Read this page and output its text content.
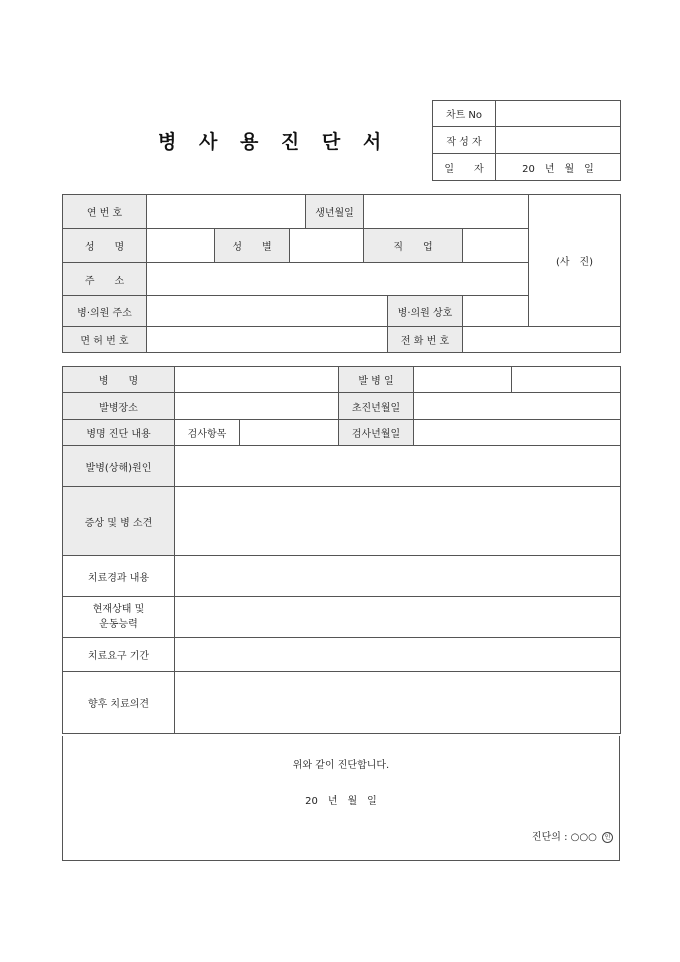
병 사 용 진 단 서
차트 No	
작 성 자	
일　　자	20　년　월　일
연 번 호				생년월일				(사　진)
성　　명		성　　별			직　　업			
주　　소								
병·의원 주소						병·의원 상호		
면 허 번 호						전 화 번 호		
병　　명			발 병 일		
발병장소			초진년월일		
병명 진단 내용	검사항목		검사년월일		
발병(상해)원인					
증상 및 병 소견					
치료경과 내용					

현재상태 및
운동능력					

치료요구 기간					
향후 치료의견					
위와 같이 진단합니다.
20　년　월　일
진단의 : ○○○ 인
